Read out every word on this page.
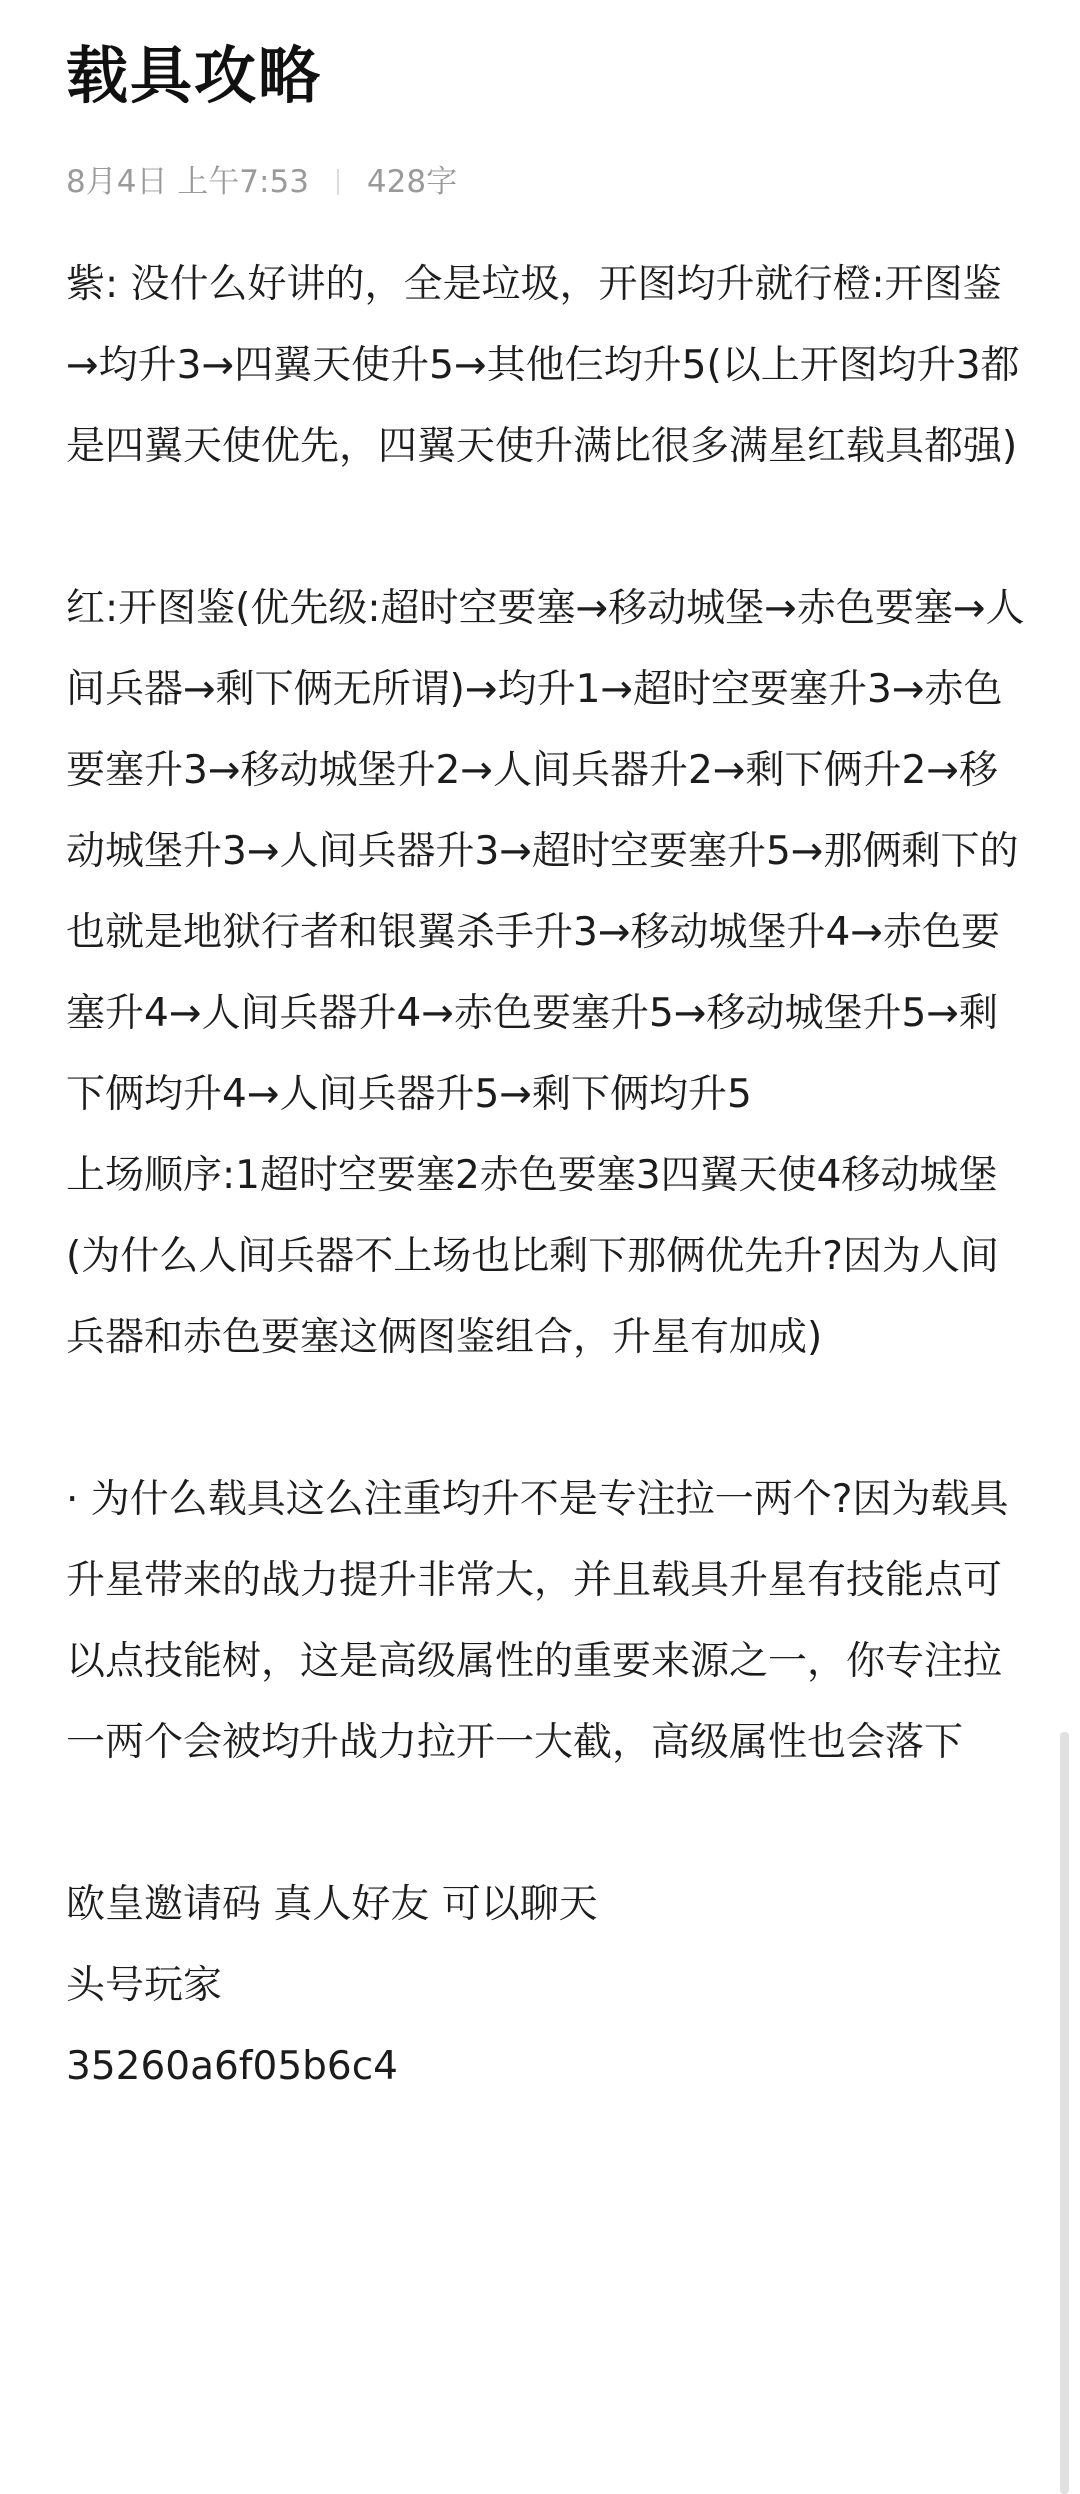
载具攻略
8月4日 上午7:53 428字

紫: 没什么好讲的，全是垃圾，开图均升就行橙:开图鉴→均升3→四翼天使升5→其他仨均升5(以上开图均升3都是四翼天使优先，四翼天使升满比很多满星红载具都强)

红:开图鉴(优先级:超时空要塞→移动城堡→赤色要塞→人间兵器→剩下俩无所谓)→均升1→超时空要塞升3→赤色要塞升3→移动城堡升2→人间兵器升2→剩下俩升2→移动城堡升3→人间兵器升3→超时空要塞升5→那俩剩下的也就是地狱行者和银翼杀手升3→移动城堡升4→赤色要塞升4→人间兵器升4→赤色要塞升5→移动城堡升5→剩下俩均升4→人间兵器升5→剩下俩均升5

上场顺序:1超时空要塞2赤色要塞3四翼天使4移动城堡 (为什么人间兵器不上场也比剩下那俩优先升?因为人间兵器和赤色要塞这俩图鉴组合，升星有加成)

· 为什么载具这么注重均升不是专注拉一两个?因为载具升星带来的战力提升非常大，并且载具升星有技能点可以点技能树，这是高级属性的重要来源之一，你专注拉一两个会被均升战力拉开一大截，高级属性也会落下

欧皇邀请码 真人好友 可以聊天

头号玩家

35260a6f05b6c4
